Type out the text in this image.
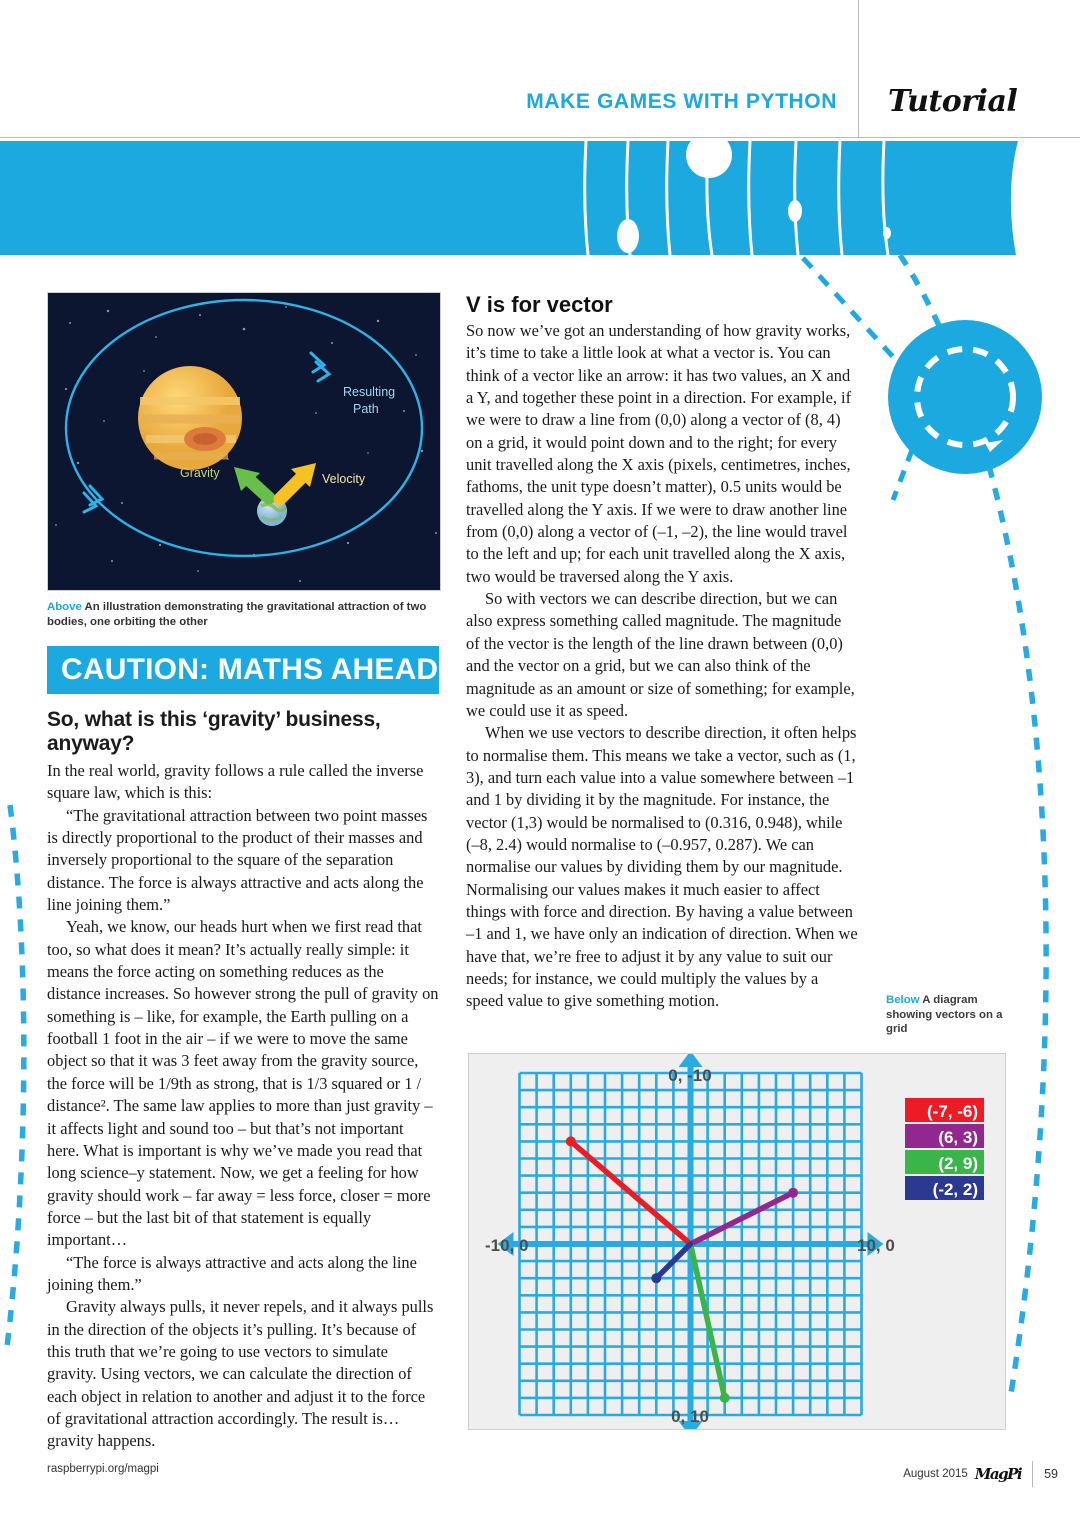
MAKE GAMES WITH PYTHON Tutorial
Resulting
Path
Gravity	Velocity
Above An illustration demonstrating the gravitational attraction of two bodies, one orbiting the other
CAUTION: MATHS AHEAD
So, what is this ‘gravity’ business, anyway?

In the real world, gravity follows a rule called the inverse square law, which is this:

“The gravitational attraction between two point masses is directly proportional to the product of their masses and inversely proportional to the square of the separation distance. The force is always attractive and acts along the line joining them.”

Yeah, we know, our heads hurt when we first read that too, so what does it mean? It’s actually really simple: it means the force acting on something reduces as the distance increases. So however strong the pull of gravity on something is – like, for example, the Earth pulling on a football 1 foot in the air – if we were to move the same object so that it was 3 feet away from the gravity source, the force will be 1/9th as strong, that is 1/3 squared or 1 / distance². The same law applies to more than just gravity – it affects light and sound too – but that’s not important here. What is important is why we’ve made you read that long science–y statement. Now, we get a feeling for how gravity should work – far away = less force, closer = more force – but the last bit of that statement is equally important…

“The force is always attractive and acts along the line joining them.”

Gravity always pulls, it never repels, and it always pulls in the direction of the objects it’s pulling. It’s because of this truth that we’re going to use vectors to simulate gravity. Using vectors, we can calculate the direction of each object in relation to another and adjust it to the force of gravitational attraction accordingly. The result is… gravity happens.

V is for vector

So now we’ve got an understanding of how gravity works, it’s time to take a little look at what a vector is. You can think of a vector like an arrow: it has two values, an X and a Y, and together these point in a direction. For example, if we were to draw a line from (0,0) along a vector of (8, 4) on a grid, it would point down and to the right; for every unit travelled along the X axis (pixels, centimetres, inches, fathoms, the unit type doesn’t matter), 0.5 units would be travelled along the Y axis. If we were to draw another line from (0,0) along a vector of (–1, –2), the line would travel to the left and up; for each unit travelled along the X axis, two would be traversed along the Y axis.

So with vectors we can describe direction, but we can also express something called magnitude. The magnitude of the vector is the length of the line drawn between (0,0) and the vector on a grid, but we can also think of the magnitude as an amount or size of something; for example, we could use it as speed.

When we use vectors to describe direction, it often helps to normalise them. This means we take a vector, such as (1, 3), and turn each value into a value somewhere between –1 and 1 by dividing it by the magnitude. For instance, the vector (1,3) would be normalised to (0.316, 0.948), while (–8, 2.4) would normalise to (–0.957, 0.287). We can normalise our values by dividing them by our magnitude. Normalising our values makes it much easier to affect things with force and direction. By having a value between –1 and 1, we have only an indication of direction. When we have that, we’re free to adjust it by any value to suit our needs; for instance, we could multiply the values by a speed value to give something motion.	Below A diagram showing vectors on a grid
0, -10
0, 10
-10, 0	10, 0
(-7, -6)
(6, 3)
(2, 9)
(-2, 2)
raspberrypi.org/magpi	August 2015 MagPi 59
